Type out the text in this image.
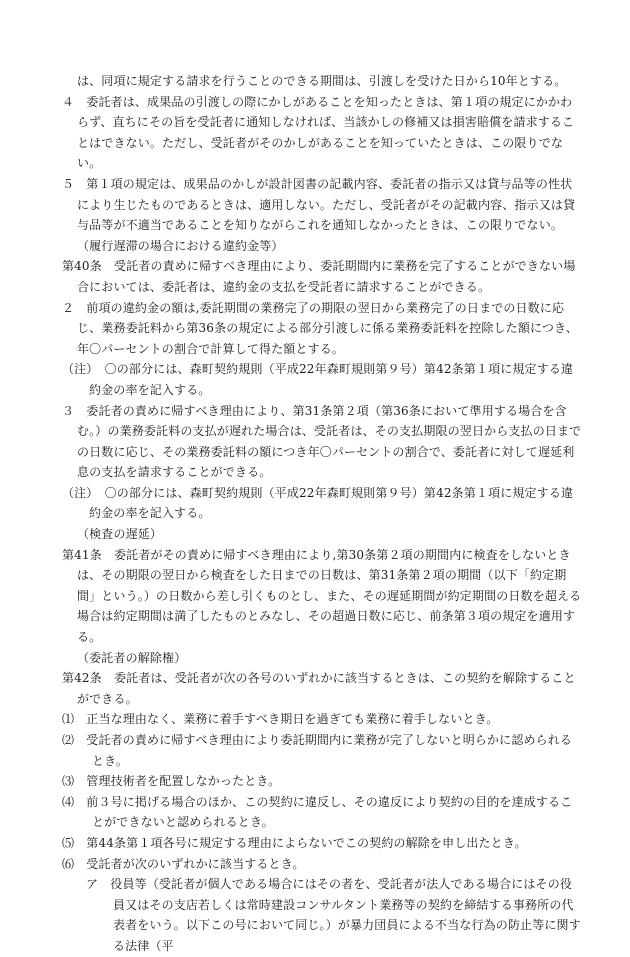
は、同項に規定する請求を行うことのできる期間は、引渡しを受けた日から10年とする。
４　委託者は、成果品の引渡しの際にかしがあることを知ったときは、第１項の規定にかかわらず、直ちにその旨を受託者に通知しなければ、当該かしの修補又は損害賠償を請求することはできない。ただし、受託者がそのかしがあることを知っていたときは、この限りでない。
５　第１項の規定は、成果品のかしが設計図書の記載内容、委託者の指示又は貸与品等の性状により生じたものであるときは、適用しない。ただし、受託者がその記載内容、指示又は貸与品等が不適当であることを知りながらこれを通知しなかったときは、この限りでない。
（履行遅滞の場合における違約金等）
第40条　受託者の責めに帰すべき理由により、委託期間内に業務を完了することができない場合においては、委託者は、違約金の支払を受託者に請求することができる。
２　前項の違約金の額は,委託期間の業務完了の期限の翌日から業務完了の日までの日数に応じ、業務委託料から第36条の規定による部分引渡しに係る業務委託料を控除した額につき、年〇パーセントの割合で計算して得た額とする。
（注）　〇の部分には、森町契約規則（平成22年森町規則第９号）第42条第１項に規定する違約金の率を記入する。
３　委託者の責めに帰すべき理由により、第31条第２項（第36条において準用する場合を含む。）の業務委託料の支払が遅れた場合は、受託者は、その支払期限の翌日から支払の日までの日数に応じ、その業務委託料の額につき年〇パーセントの割合で、委託者に対して遅延利息の支払を請求することができる。
（注）　〇の部分には、森町契約規則（平成22年森町規則第９号）第42条第１項に規定する違約金の率を記入する。
（検査の遅延）
第41条　委託者がその責めに帰すべき理由により,第30条第２項の期間内に検査をしないときは、その期限の翌日から検査をした日までの日数は、第31条第２項の期間（以下「約定期間」という。）の日数から差し引くものとし、また、その遅延期間が約定期間の日数を超える場合は約定期間は満了したものとみなし、その超過日数に応じ、前条第３項の規定を適用する。
（委託者の解除権）
第42条　委託者は、受託者が次の各号のいずれかに該当するときは、この契約を解除することができる。
⑴　正当な理由なく、業務に着手すべき期日を過ぎても業務に着手しないとき。
⑵　受託者の責めに帰すべき理由により委託期間内に業務が完了しないと明らかに認められるとき。
⑶　管理技術者を配置しなかったとき。
⑷　前３号に掲げる場合のほか、この契約に違反し、その違反により契約の目的を達成することができないと認められるとき。
⑸　第44条第１項各号に規定する理由によらないでこの契約の解除を申し出たとき。
⑹　受託者が次のいずれかに該当するとき。
ア　役員等（受託者が個人である場合にはその者を、受託者が法人である場合にはその役員又はその支店若しくは常時建設コンサルタント業務等の契約を締結する事務所の代表者をいう。以下この号において同じ。）が暴力団員による不当な行為の防止等に関する法律（平
